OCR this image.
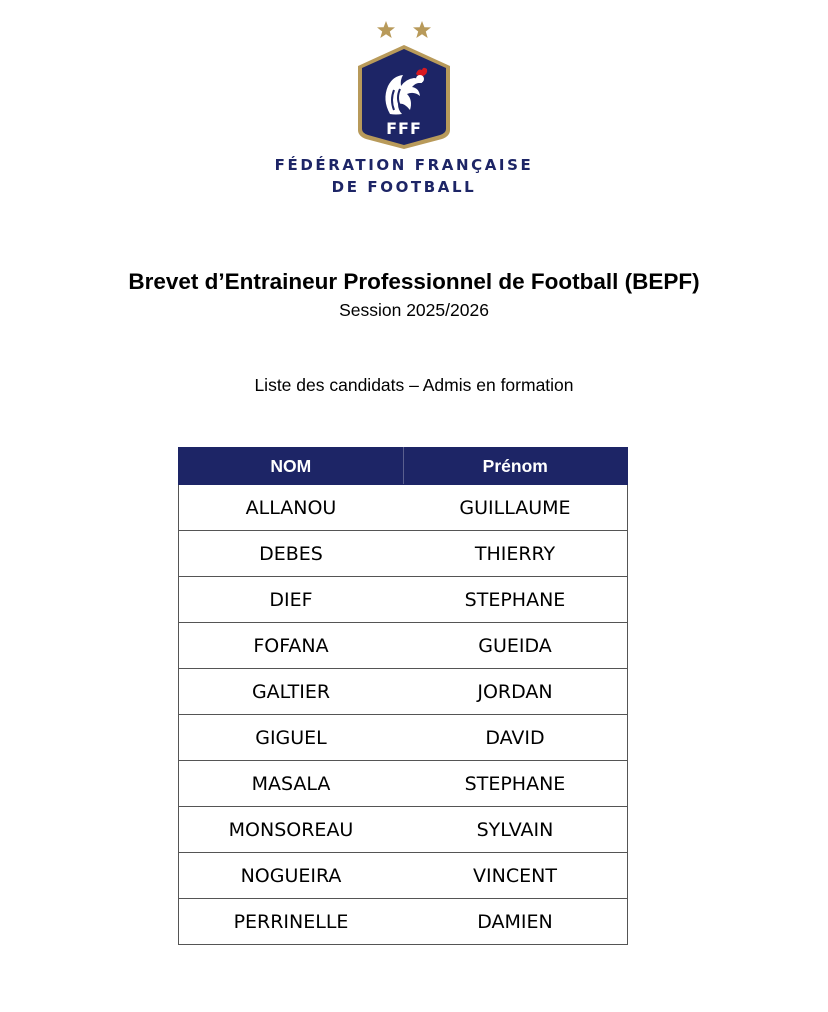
FFF
FÉDÉRATION FRANÇAISE
DE FOOTBALL
Brevet d’Entraineur Professionnel de Football (BEPF)
Session 2025/2026
Liste des candidats – Admis en formation
NOM	Prénom
ALLANOU	GUILLAUME
DEBES	THIERRY
DIEF	STEPHANE
FOFANA	GUEIDA
GALTIER	JORDAN
GIGUEL	DAVID
MASALA	STEPHANE
MONSOREAU	SYLVAIN
NOGUEIRA	VINCENT
PERRINELLE	DAMIEN
